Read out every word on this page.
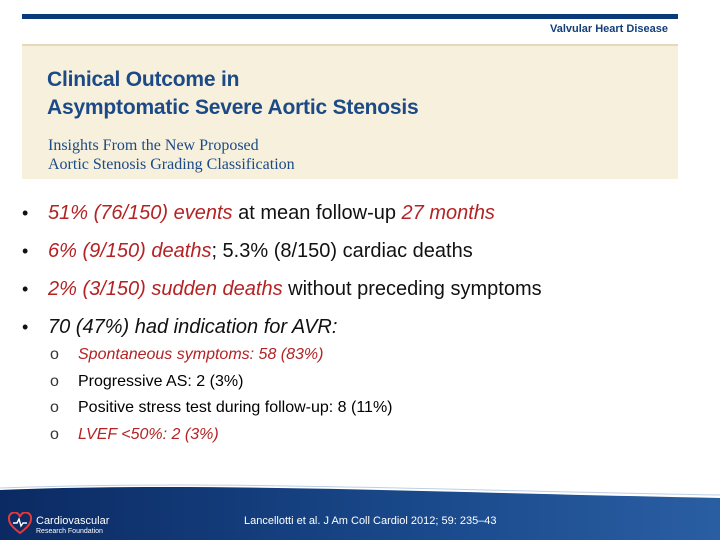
Valvular Heart Disease
Clinical Outcome in
Asymptomatic Severe Aortic Stenosis
Insights From the New Proposed
Aortic Stenosis Grading Classification
• 51% (76/150) events at mean follow-up 27 months
• 6% (9/150) deaths; 5.3% (8/150) cardiac deaths
• 2% (3/150) sudden deaths without preceding symptoms
• 70 (47%) had indication for AVR:
o Spontaneous symptoms: 58 (83%)
o Progressive AS: 2 (3%)
o Positive stress test during follow-up: 8 (11%)
o LVEF <50%: 2 (3%)
Cardiovascular
Research Foundation
Lancellotti et al. J Am Coll Cardiol 2012; 59: 235–43
